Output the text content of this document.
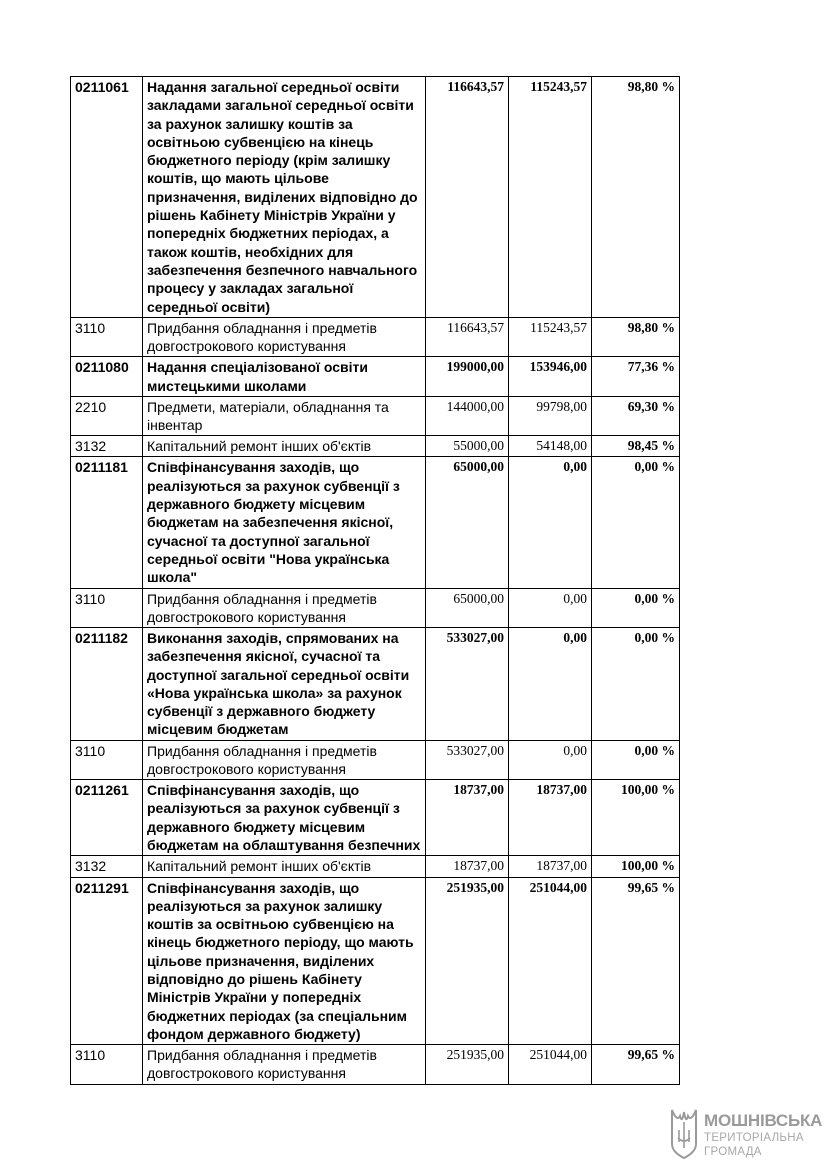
0211061	Надання загальної середньої освіти закладами загальної середньої освіти за рахунок залишку коштів за освітньою субвенцією на кінець бюджетного періоду (крім залишку коштів, що мають цільове призначення, виділених відповідно до рішень Кабінету Міністрів України у попередніх бюджетних періодах, а також коштів, необхідних для забезпечення безпечного навчального процесу у закладах загальної середньої освіти)	116643,57	115243,57	98,80 %
3110	Придбання обладнання і предметів довгострокового користування	116643,57	115243,57	98,80 %
0211080	Надання спеціалізованої освіти мистецькими школами	199000,00	153946,00	77,36 %
2210	Предмети, матеріали, обладнання та інвентар	144000,00	99798,00	69,30 %
3132	Капітальний ремонт інших об'єктів	55000,00	54148,00	98,45 %
0211181	Співфінансування заходів, що реалізуються за рахунок субвенції з державного бюджету місцевим бюджетам на забезпечення якісної, сучасної та доступної загальної середньої освіти "Нова українська школа"	65000,00	0,00	0,00 %
3110	Придбання обладнання і предметів довгострокового користування	65000,00	0,00	0,00 %
0211182	Виконання заходів, спрямованих на забезпечення якісної, сучасної та доступної загальної середньої освіти «Нова українська школа» за рахунок субвенції з державного бюджету місцевим бюджетам	533027,00	0,00	0,00 %
3110	Придбання обладнання і предметів довгострокового користування	533027,00	0,00	0,00 %
0211261	Співфінансування заходів, що реалізуються за рахунок субвенції з державного бюджету місцевим бюджетам на облаштування безпечних	18737,00	18737,00	100,00 %
3132	Капітальний ремонт інших об'єктів	18737,00	18737,00	100,00 %
0211291	Співфінансування заходів, що реалізуються за рахунок залишку коштів за освітньою субвенцією на кінець бюджетного періоду, що мають цільове призначення, виділених відповідно до рішень Кабінету Міністрів України у попередніх бюджетних періодах (за спеціальним фондом державного бюджету)	251935,00	251044,00	99,65 %
3110	Придбання обладнання і предметів довгострокового користування	251935,00	251044,00	99,65 %
МОШНІВСЬКА
ТЕРИТОРІАЛЬНА
ГРОМАДА
